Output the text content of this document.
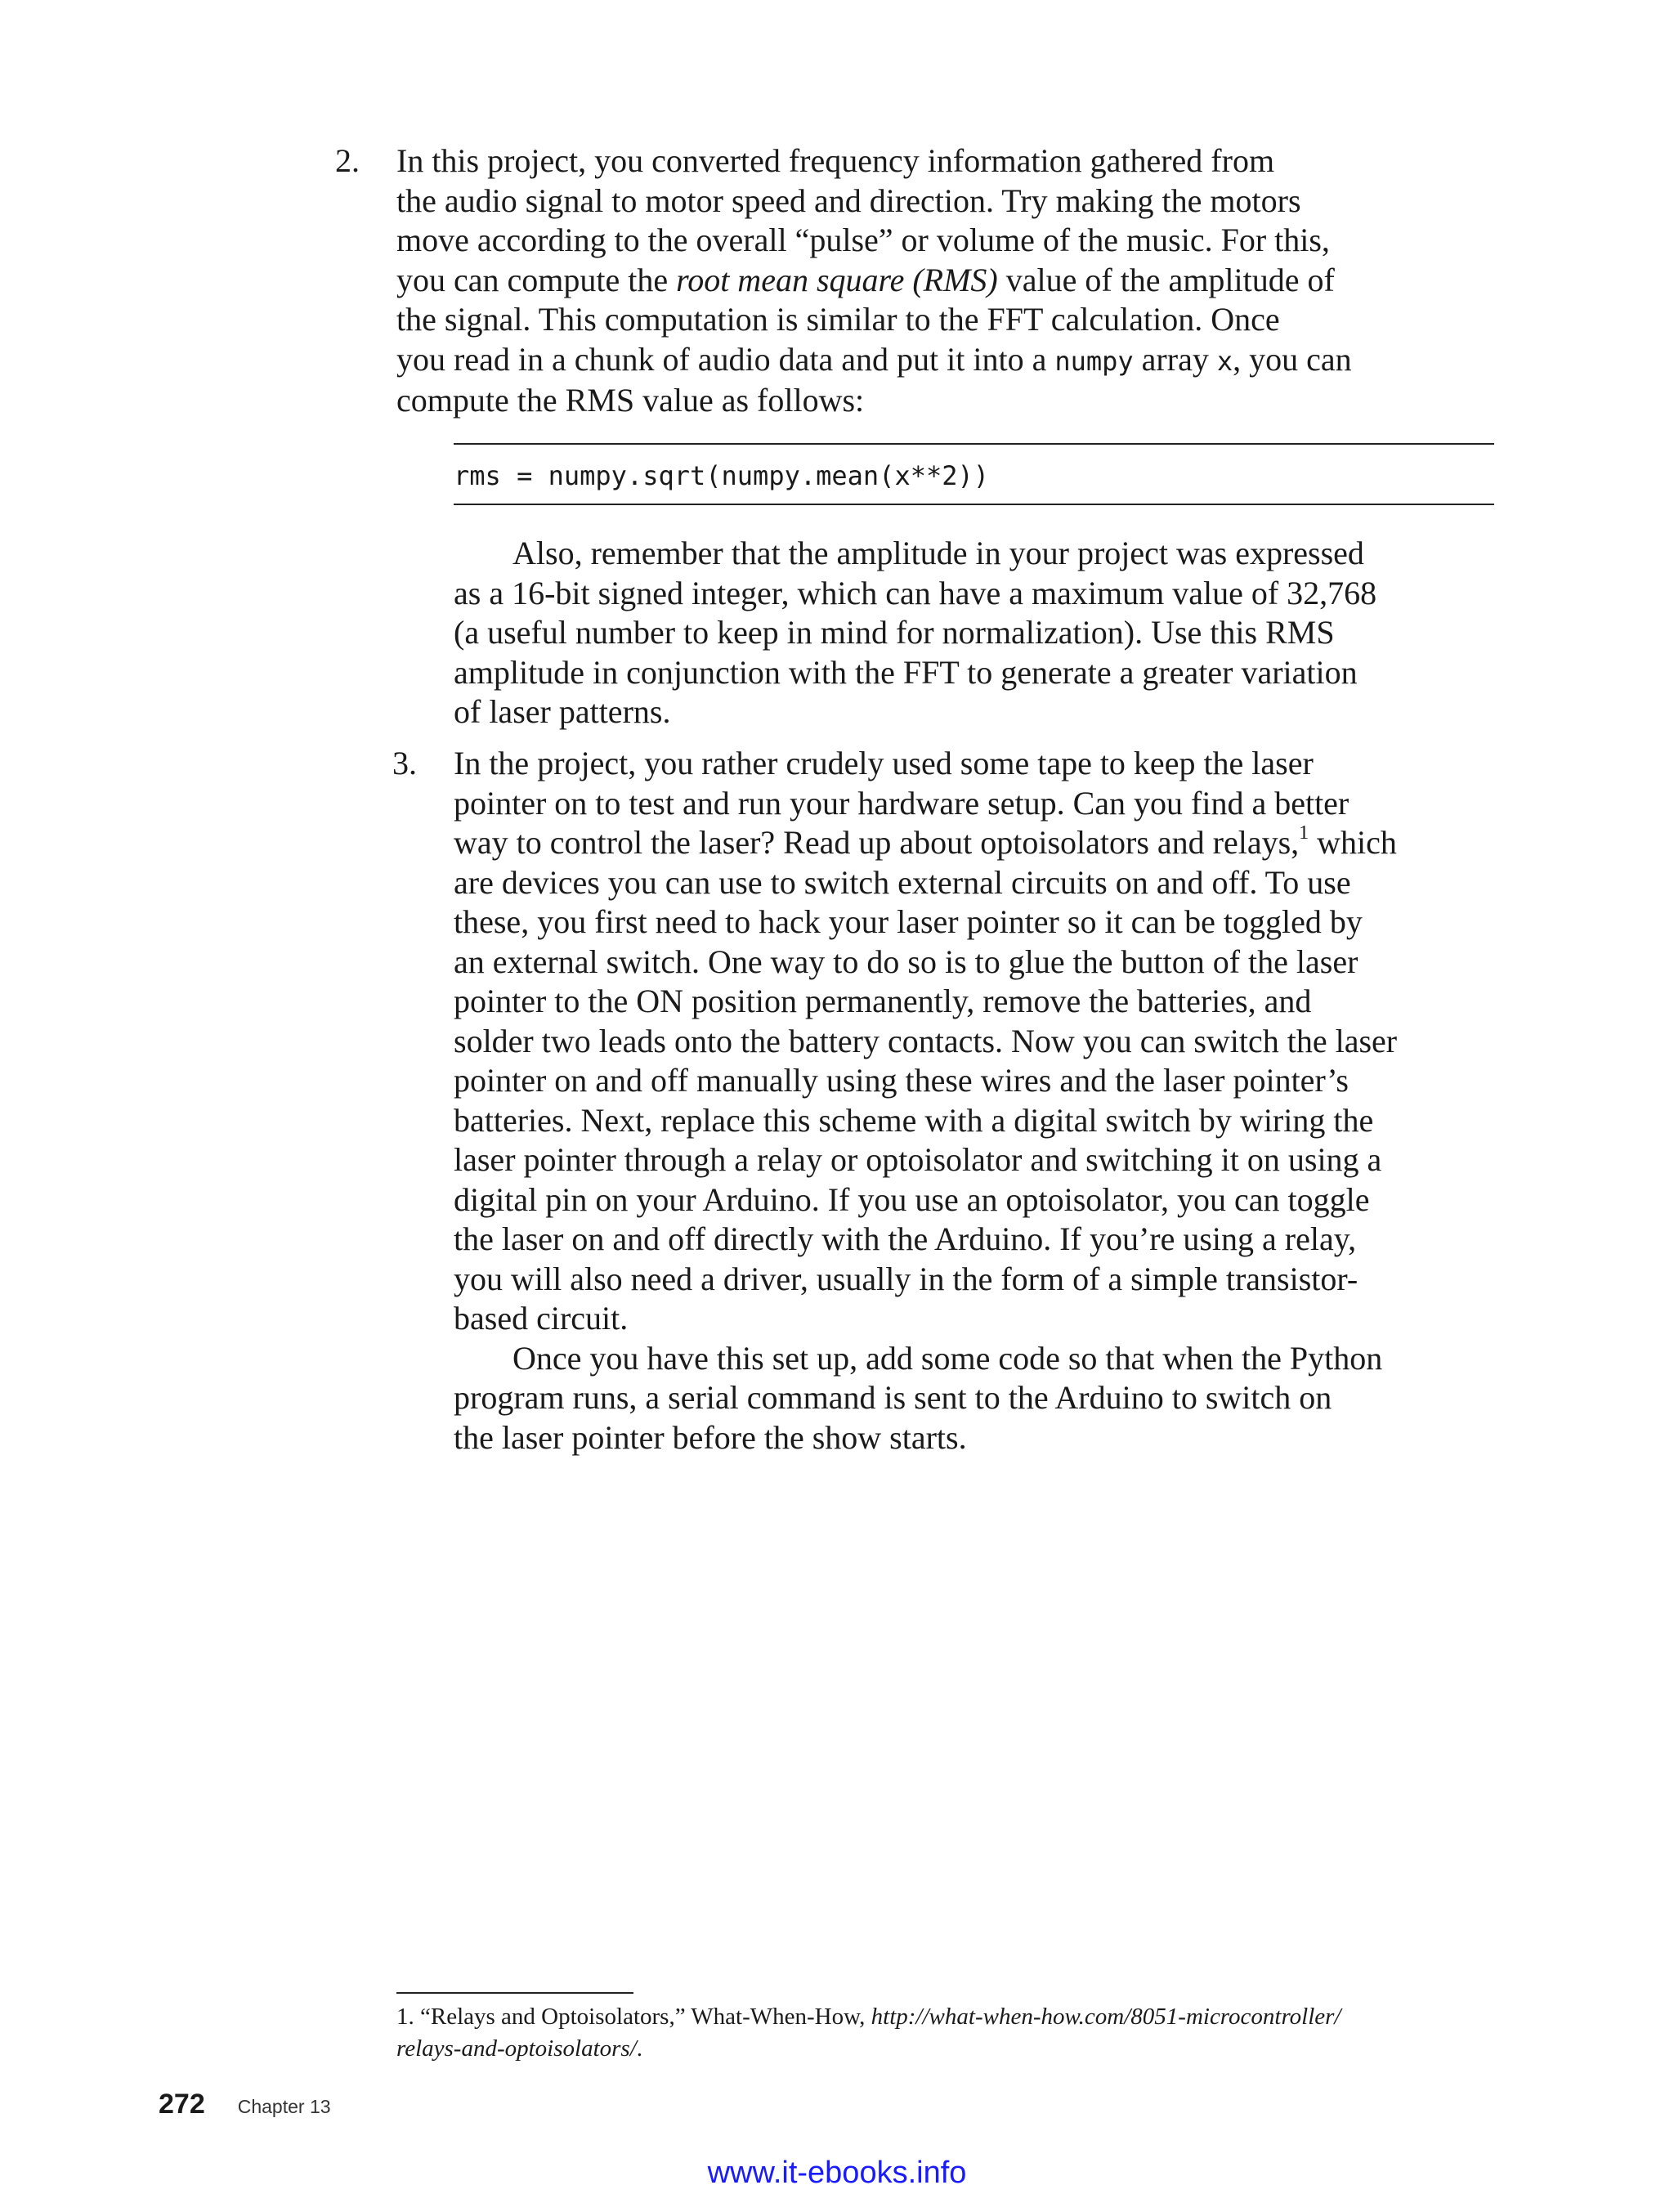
2. In this project, you converted frequency information gathered from
the audio signal to motor speed and direction. Try making the motors
move according to the overall “pulse” or volume of the music. For this,
you can compute the root mean square (RMS) value of the amplitude of
the signal. This computation is similar to the FFT calculation. Once
you read in a chunk of audio data and put it into a numpy array x, you can
compute the RMS value as follows:
rms = numpy.sqrt(numpy.mean(x**2))
Also, remember that the amplitude in your project was expressed
as a 16-bit signed integer, which can have a maximum value of 32,768
(a useful number to keep in mind for normalization). Use this RMS
amplitude in conjunction with the FFT to generate a greater variation
of laser patterns.
3. In the project, you rather crudely used some tape to keep the laser
pointer on to test and run your hardware setup. Can you find a better
way to control the laser? Read up about optoisolators and relays,$^1$ which
are devices you can use to switch external circuits on and off. To use
these, you first need to hack your laser pointer so it can be toggled by
an external switch. One way to do so is to glue the button of the laser
pointer to the ON position permanently, remove the batteries, and
solder two leads onto the battery contacts. Now you can switch the laser
pointer on and off manually using these wires and the laser pointer’s
batteries. Next, replace this scheme with a digital switch by wiring the
laser pointer through a relay or optoisolator and switching it on using a
digital pin on your Arduino. If you use an optoisolator, you can toggle
the laser on and off directly with the Arduino. If you’re using a relay,
you will also need a driver, usually in the form of a simple transistor-
based circuit.
Once you have this set up, add some code so that when the Python
program runs, a serial command is sent to the Arduino to switch on
the laser pointer before the show starts.
1. “Relays and Optoisolators,” What-When-How, http://what-when-how.com/8051-microcontroller/
relays-and-optoisolators/.
272 Chapter 13
www.it-ebooks.info
